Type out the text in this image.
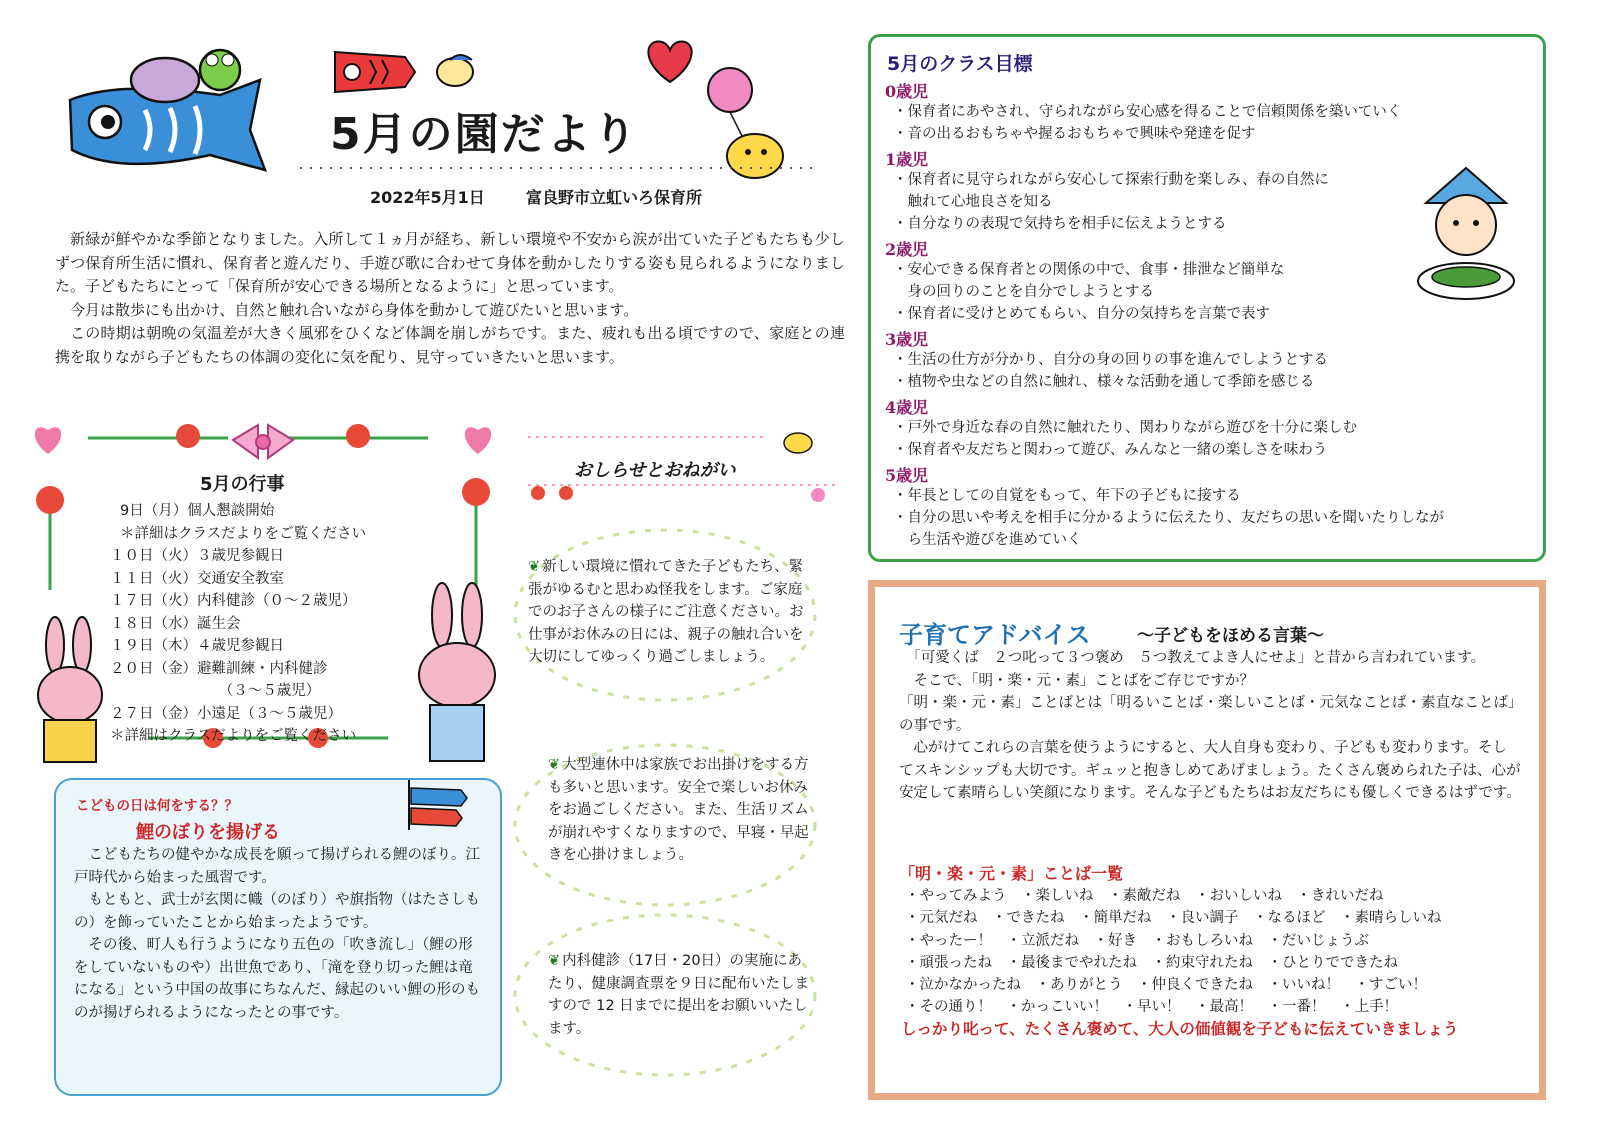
5月の園だより
2022年5月1日	富良野市立虹いろ保育所

新緑が鮮やかな季節となりました。入所して１ヵ月が経ち、新しい環境や不安から涙が出ていた子どもたちも少しずつ保育所生活に慣れ、保育者と遊んだり、手遊び歌に合わせて身体を動かしたりする姿も見られるようになりました。子どもたちにとって「保育所が安心できる場所となるように」と思っています。

今月は散歩にも出かけ、自然と触れ合いながら身体を動かして遊びたいと思います。

この時期は朝晩の気温差が大きく風邪をひくなど体調を崩しがちです。また、疲れも出る頃ですので、家庭との連携を取りながら子どもたちの体調の変化に気を配り、見守っていきたいと思います。

5月の行事
9日（月）個人懇談開始
＊詳細はクラスだよりをご覧ください
１０日（火）３歳児参観日
１１日（火）交通安全教室
１７日（火）内科健診（０～２歳児）
１８日（水）誕生会
１９日（木）４歳児参観日
２０日（金）避難訓練・内科健診
　　　　　　　　（３～５歳児）
２７日（金）小遠足（３～５歳児）
＊詳細はクラスだよりをご覧ください
こどもの日は何をする？？
鯉のぼりを揚げる

こどもたちの健やかな成長を願って揚げられる鯉のぼり。江戸時代から始まった風習です。

もともと、武士が玄関に幟（のぼり）や旗指物（はたさしもの）を飾っていたことから始まったようです。

その後、町人も行うようになり五色の「吹き流し」（鯉の形をしていないものや）出世魚であり、「滝を登り切った鯉は竜になる」という中国の故事にちなんだ、縁起のいい鯉の形のものが揚げられるようになったとの事です。

おしらせとおねがい
❦ 新しい環境に慣れてきた子どもたち、緊張がゆるむと思わぬ怪我をします。ご家庭でのお子さんの様子にご注意ください。お仕事がお休みの日には、親子の触れ合いを大切にしてゆっくり過ごしましょう。
❦ 大型連休中は家族でお出掛けをする方も多いと思います。安全で楽しいお休みをお過ごしください。また、生活リズムが崩れやすくなりますので、早寝・早起きを心掛けましょう。
❦ 内科健診（17日・20日）の実施にあたり、健康調査票を９日に配布いたしますので 12 日までに提出をお願いいたします。
5月のクラス目標
0歳児
・保育者にあやされ、守られながら安心感を得ることで信頼関係を築いていく
・音の出るおもちゃや握るおもちゃで興味や発達を促す
1歳児
・保育者に見守られながら安心して探索行動を楽しみ、春の自然に
　触れて心地良さを知る
・自分なりの表現で気持ちを相手に伝えようとする
2歳児
・安心できる保育者との関係の中で、食事・排泄など簡単な
　身の回りのことを自分でしようとする
・保育者に受けとめてもらい、自分の気持ちを言葉で表す
3歳児
・生活の仕方が分かり、自分の身の回りの事を進んでしようとする
・植物や虫などの自然に触れ、様々な活動を通して季節を感じる
4歳児
・戸外で身近な春の自然に触れたり、関わりながら遊びを十分に楽しむ
・保育者や友だちと関わって遊び、みんなと一緒の楽しさを味わう
5歳児
・年長としての自覚をもって、年下の子どもに接する
・自分の思いや考えを相手に分かるように伝えたり、友だちの思いを聞いたりしなが
　ら生活や遊びを進めていく
子育てアドバイス	～子どもをほめる言葉～

　「可愛くば　２つ叱って３つ褒め　５つ教えてよき人にせよ」と昔から言われています。

　そこで、「明・楽・元・素」ことばをご存じですか？

「明・楽・元・素」ことばとは「明るいことば・楽しいことば・元気なことば・素直なことば」の事です。

　心がけてこれらの言葉を使うようにすると、大人自身も変わり、子どもも変わります。そしてスキンシップも大切です。ギュッと抱きしめてあげましょう。たくさん褒められた子は、心が安定して素晴らしい笑顔になります。そんな子どもたちはお友だちにも優しくできるはずです。

「明・楽・元・素」ことば一覧
・やってみよう　・楽しいね　・素敵だね　・おいしいね　・きれいだね
・元気だね　・できたね　・簡単だね　・良い調子　・なるほど　・素晴らしいね
・やったー！　・立派だね　・好き　・おもしろいね　・だいじょうぶ
・頑張ったね　・最後までやれたね　・約束守れたね　・ひとりでできたね
・泣かなかったね　・ありがとう　・仲良くできたね　・いいね！　・すごい！
・その通り！　・かっこいい！　・早い！　・最高！　・一番！　・上手！
しっかり叱って、たくさん褒めて、大人の価値観を子どもに伝えていきましょう
